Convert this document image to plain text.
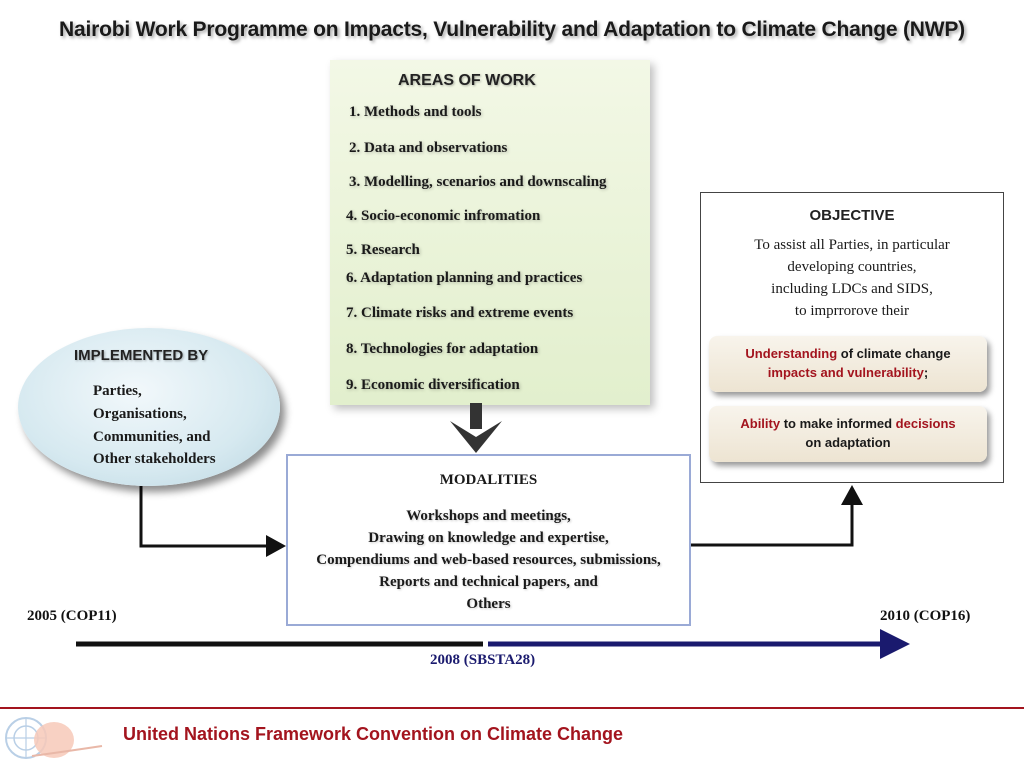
Nairobi Work Programme on Impacts, Vulnerability and Adaptation to Climate Change (NWP)
AREAS OF WORK
1. Methods and tools
2. Data and observations
3. Modelling, scenarios and downscaling
4. Socio-economic infromation
5. Research
6. Adaptation planning and practices
7. Climate risks and extreme events
8. Technologies for adaptation
9. Economic diversification
IMPLEMENTED BY
Parties,
Organisations,
Communities, and
Other stakeholders
MODALITIES
Workshops and meetings,
Drawing on knowledge and expertise,
Compendiums and web-based resources, submissions,
Reports and technical papers, and
Others
OBJECTIVE
To assist all Parties, in particular
developing countries,
including LDCs and SIDS,
to imprrorove their
Understanding of climate change
impacts and vulnerability;
Ability to make informed decisions
on adaptation
2005 (COP11)
2008 (SBSTA28)
2010 (COP16)
United Nations Framework Convention on Climate Change
